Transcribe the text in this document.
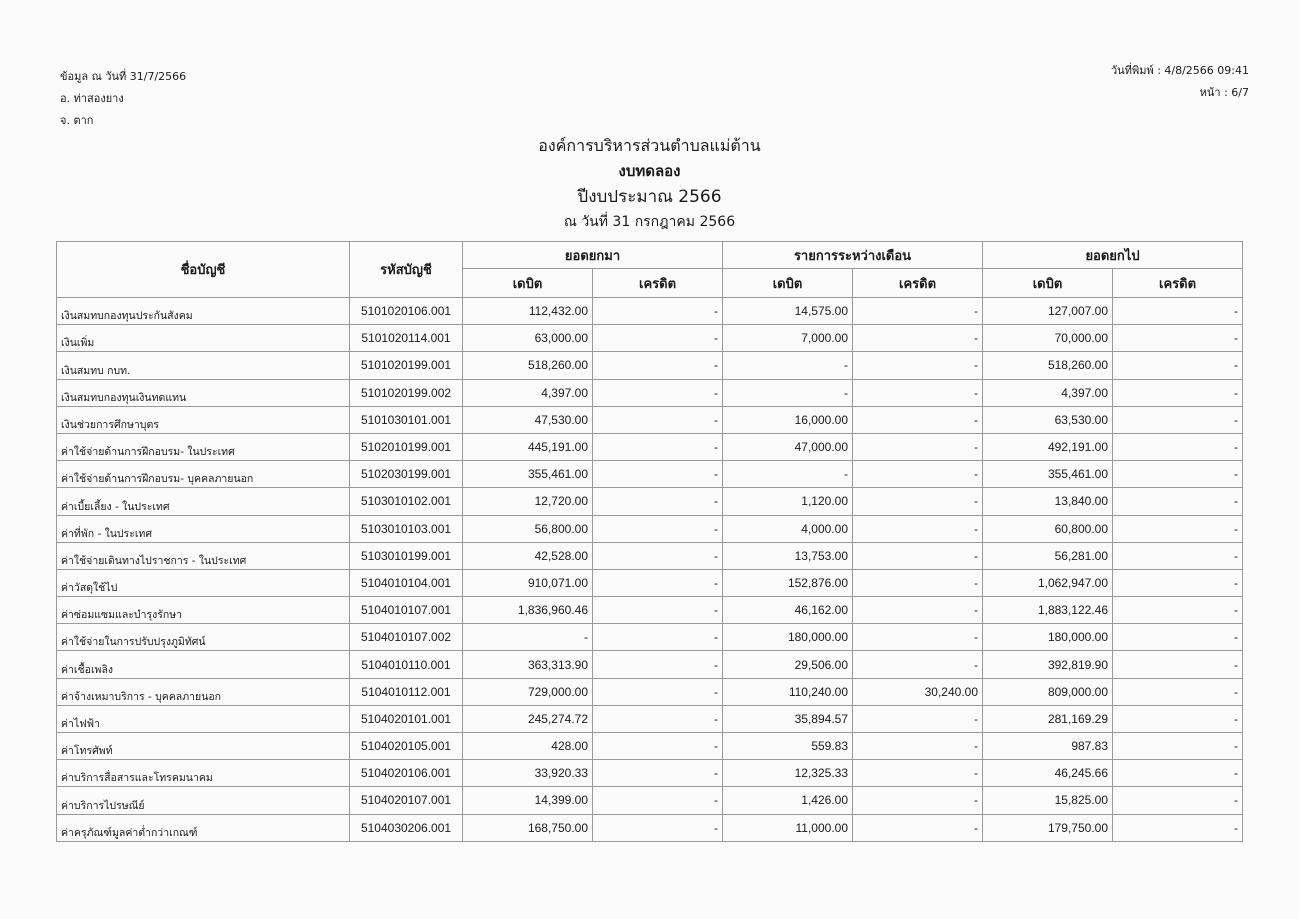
ข้อมูล ณ วันที่ 31/7/2566
อ. ท่าสองยาง
จ. ตาก
วันที่พิมพ์ : 4/8/2566 09:41
หน้า : 6/7
องค์การบริหารส่วนตำบลแม่ต้าน
งบทดลอง
ปีงบประมาณ 2566
ณ วันที่ 31 กรกฎาคม 2566
ชื่อบัญชี	รหัสบัญชี	ยอดยกมา		รายการระหว่างเดือน		ยอดยกไป	
		เดบิต	เครดิต	เดบิต	เครดิต	เดบิต	เครดิต
เงินสมทบกองทุนประกันสังคม	5101020106.001	112,432.00	-	14,575.00	-	127,007.00	-
เงินเพิ่ม	5101020114.001	63,000.00	-	7,000.00	-	70,000.00	-
เงินสมทบ กบท.	5101020199.001	518,260.00	-	-	-	518,260.00	-
เงินสมทบกองทุนเงินทดแทน	5101020199.002	4,397.00	-	-	-	4,397.00	-
เงินช่วยการศึกษาบุตร	5101030101.001	47,530.00	-	16,000.00	-	63,530.00	-
ค่าใช้จ่ายด้านการฝึกอบรม- ในประเทศ	5102010199.001	445,191.00	-	47,000.00	-	492,191.00	-
ค่าใช้จ่ายด้านการฝึกอบรม- บุคคลภายนอก	5102030199.001	355,461.00	-	-	-	355,461.00	-
ค่าเบี้ยเลี้ยง - ในประเทศ	5103010102.001	12,720.00	-	1,120.00	-	13,840.00	-
ค่าที่พัก - ในประเทศ	5103010103.001	56,800.00	-	4,000.00	-	60,800.00	-
ค่าใช้จ่ายเดินทางไปราชการ - ในประเทศ	5103010199.001	42,528.00	-	13,753.00	-	56,281.00	-
ค่าวัสดุใช้ไป	5104010104.001	910,071.00	-	152,876.00	-	1,062,947.00	-
ค่าซ่อมแซมและบำรุงรักษา	5104010107.001	1,836,960.46	-	46,162.00	-	1,883,122.46	-
ค่าใช้จ่ายในการปรับปรุงภูมิทัศน์	5104010107.002	-	-	180,000.00	-	180,000.00	-
ค่าเชื้อเพลิง	5104010110.001	363,313.90	-	29,506.00	-	392,819.90	-
ค่าจ้างเหมาบริการ - บุคคลภายนอก	5104010112.001	729,000.00	-	110,240.00	30,240.00	809,000.00	-
ค่าไฟฟ้า	5104020101.001	245,274.72	-	35,894.57	-	281,169.29	-
ค่าโทรศัพท์	5104020105.001	428.00	-	559.83	-	987.83	-
ค่าบริการสื่อสารและโทรคมนาคม	5104020106.001	33,920.33	-	12,325.33	-	46,245.66	-
ค่าบริการไปรษณีย์	5104020107.001	14,399.00	-	1,426.00	-	15,825.00	-
ค่าครุภัณฑ์มูลค่าต่ำกว่าเกณฑ์	5104030206.001	168,750.00	-	11,000.00	-	179,750.00	-
